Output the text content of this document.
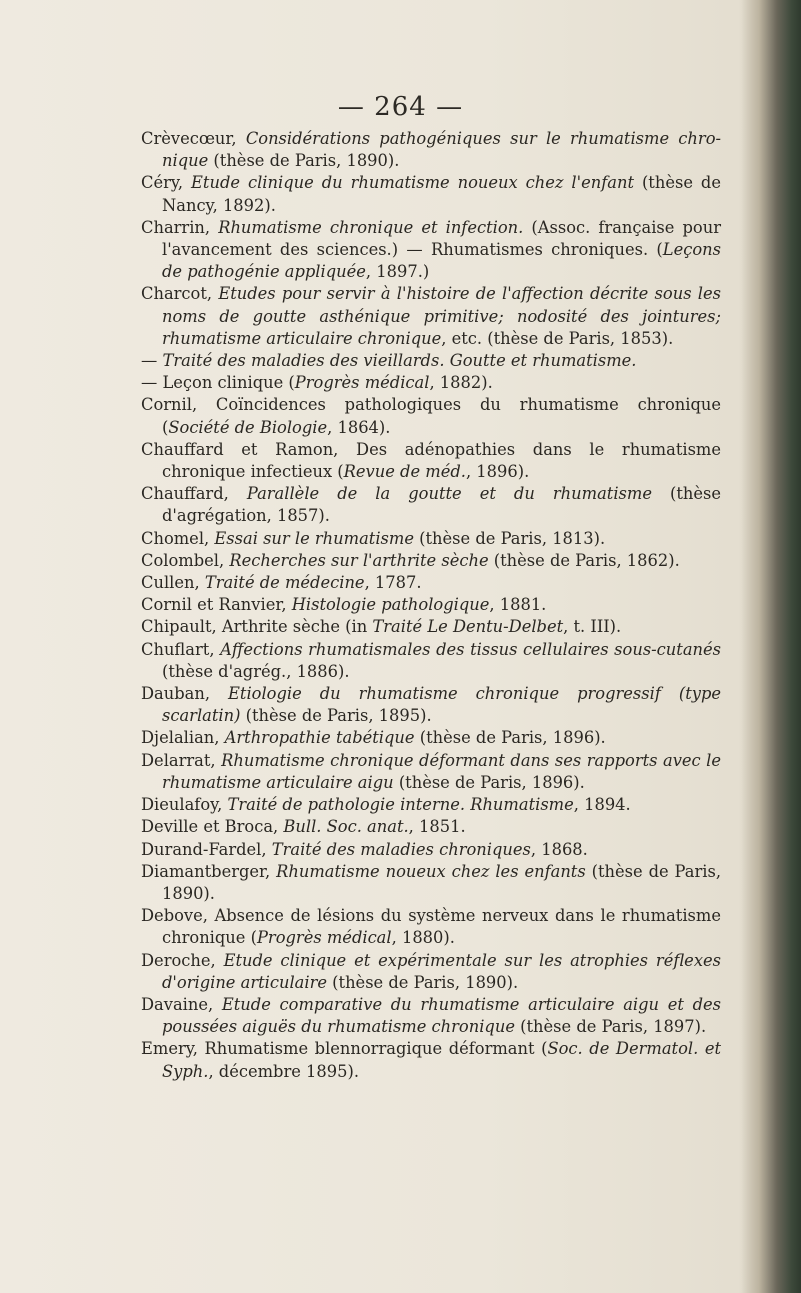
— 264 —
Crèvecœur, Considérations pathogéniques sur le rhumatisme chro-nique (thèse de Paris, 1890).
Céry, Etude clinique du rhumatisme noueux chez l'enfant (thèse de Nancy, 1892).
Charrin, Rhumatisme chronique et infection. (Assoc. française pour l'avancement des sciences.) — Rhumatismes chroniques. (Leçons de pathogénie appliquée, 1897.)
Charcot, Etudes pour servir à l'histoire de l'affection décrite sous les noms de goutte asthénique primitive; nodosité des jointures; rhumatisme articulaire chronique, etc. (thèse de Paris, 1853).
— Traité des maladies des vieillards. Goutte et rhumatisme.
— Leçon clinique (Progrès médical, 1882).
Cornil, Coïncidences pathologiques du rhumatisme chronique (Société de Biologie, 1864).
Chauffard et Ramon, Des adénopathies dans le rhumatisme chronique infectieux (Revue de méd., 1896).
Chauffard, Parallèle de la goutte et du rhumatisme (thèse d'agrégation, 1857).
Chomel, Essai sur le rhumatisme (thèse de Paris, 1813).
Colombel, Recherches sur l'arthrite sèche (thèse de Paris, 1862).
Cullen, Traité de médecine, 1787.
Cornil et Ranvier, Histologie pathologique, 1881.
Chipault, Arthrite sèche (in Traité Le Dentu-Delbet, t. III).
Chuflart, Affections rhumatismales des tissus cellulaires sous-cutanés (thèse d'agrég., 1886).
Dauban, Etiologie du rhumatisme chronique progressif (type scarlatin) (thèse de Paris, 1895).
Djelalian, Arthropathie tabétique (thèse de Paris, 1896).
Delarrat, Rhumatisme chronique déformant dans ses rapports avec le rhumatisme articulaire aigu (thèse de Paris, 1896).
Dieulafoy, Traité de pathologie interne. Rhumatisme, 1894.
Deville et Broca, Bull. Soc. anat., 1851.
Durand-Fardel, Traité des maladies chroniques, 1868.
Diamantberger, Rhumatisme noueux chez les enfants (thèse de Paris, 1890).
Debove, Absence de lésions du système nerveux dans le rhumatisme chronique (Progrès médical, 1880).
Deroche, Etude clinique et expérimentale sur les atrophies réflexes d'origine articulaire (thèse de Paris, 1890).
Davaine, Etude comparative du rhumatisme articulaire aigu et des poussées aiguës du rhumatisme chronique (thèse de Paris, 1897).
Emery, Rhumatisme blennorragique déformant (Soc. de Dermatol. et Syph., décembre 1895).
